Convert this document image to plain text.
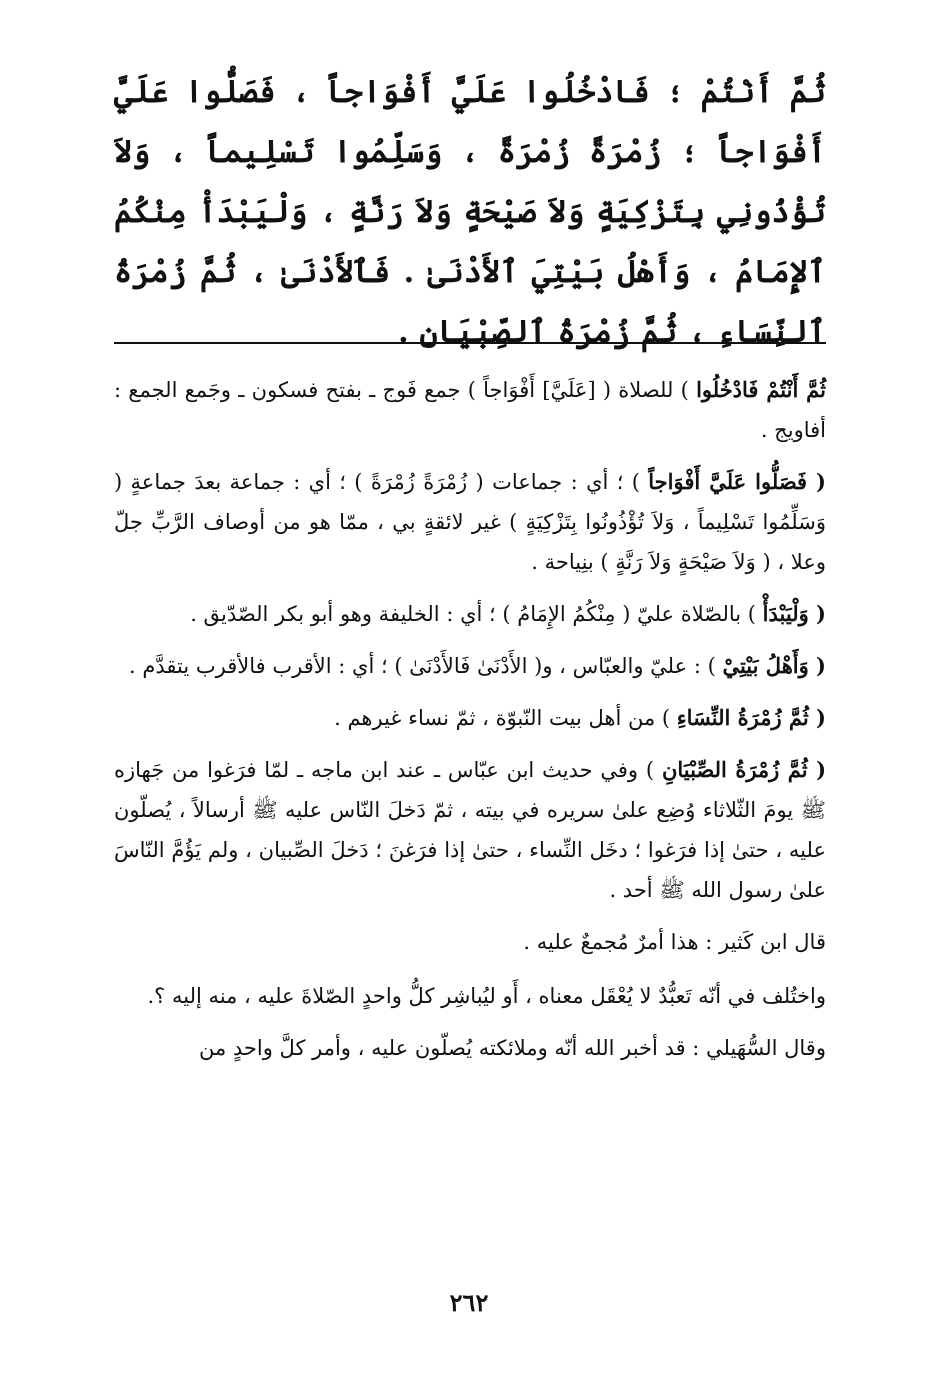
ثُمَّ أَنْتُمْ ؛ فَادْخُلُوا عَلَيَّ أَفْوَاجاً ، فَصَلُّوا عَلَيَّ أَفْوَاجاً ؛ زُمْرَةً زُمْرَةً ، وَسَلِّمُوا تَسْلِيماً ، وَلاَ تُؤْذُونِي بِتَزْكِيَةٍ وَلاَ صَيْحَةٍ وَلاَ رَنَّةٍ ، وَلْيَبْدَأْ مِنْكُمُ ٱلإِمَامُ ، وَأَهْلُ بَيْتِيَ ٱلأَدْنَىٰ . فَٱلأَدْنَىٰ ، ثُمَّ زُمْرَةُ ٱلنِّسَاءِ ، ثُمَّ زُمْرَةُ ٱلصِّبْيَانِ .

ثُمَّ أَنْتُمْ فَادْخُلُوا ) للصلاة ( [عَلَيَّ] أَفْوَاجاً ) جمع فَوج ـ بفتح فسكون ـ وجَمع الجمع : أفاويج .

( فَصَلُّوا عَلَيَّ أَفْوَاجاً ) ؛ أي : جماعات ( زُمْرَةً زُمْرَةً ) ؛ أي : جماعة بعدَ جماعةٍ ( وَسَلِّمُوا تَسْلِيماً ، وَلاَ تُؤْذُونُوا بِتَزْكِيَةٍ ) غير لائقةٍ بي ، ممّا هو من أوصاف الرَّبِّ جلّ وعلا ، ( وَلاَ صَيْحَةٍ وَلاَ رَنَّةٍ ) بنِياحة .

( وَلْيَبْدَأْ ) بالصّلاة عليّ ( مِنْكُمُ الإِمَامُ ) ؛ أي : الخليفة وهو أبو بكر الصّدّيق .

( وَأَهْلُ بَيْتِيْ ) : عليّ والعبّاس ، و( الأَدْنَىٰ فَالأَدْنَىٰ ) ؛ أي : الأقرب فالأقرب يتقدَّم .

( ثُمَّ زُمْرَةُ النِّسَاءِ ) من أهل بيت النّبوّة ، ثمّ نساء غيرهم .

( ثُمَّ زُمْرَةُ الصِّبْيَانِ ) وفي حديث ابن عبّاس ـ عند ابن ماجه ـ لمّا فرَغوا من جَهازه ﷺ يومَ الثّلاثاء وُضِع علىٰ سريره في بيته ، ثمّ دَخلَ النّاس عليه ﷺ أرسالاً ، يُصلّون عليه ، حتىٰ إذا فرَغوا ؛ دخَل النِّساء ، حتىٰ إذا فرَغنَ ؛ دَخلَ الصِّبيان ، ولم يَؤُمَّ النّاسَ علىٰ رسول الله ﷺ أحد .

قال ابن كَثير : هذا أمرٌ مُجمعٌ عليه .

واختُلف في أنّه تَعبُّدٌ لا يُعْقَل معناه ، أَو ليُباشِر كلُّ واحدٍ الصّلاةَ عليه ، منه إليه ؟.

وقال السُّهَيلي : قد أخبر الله أنّه وملائكته يُصلّون عليه ، وأمر كلَّ واحدٍ من

٢٦٢
